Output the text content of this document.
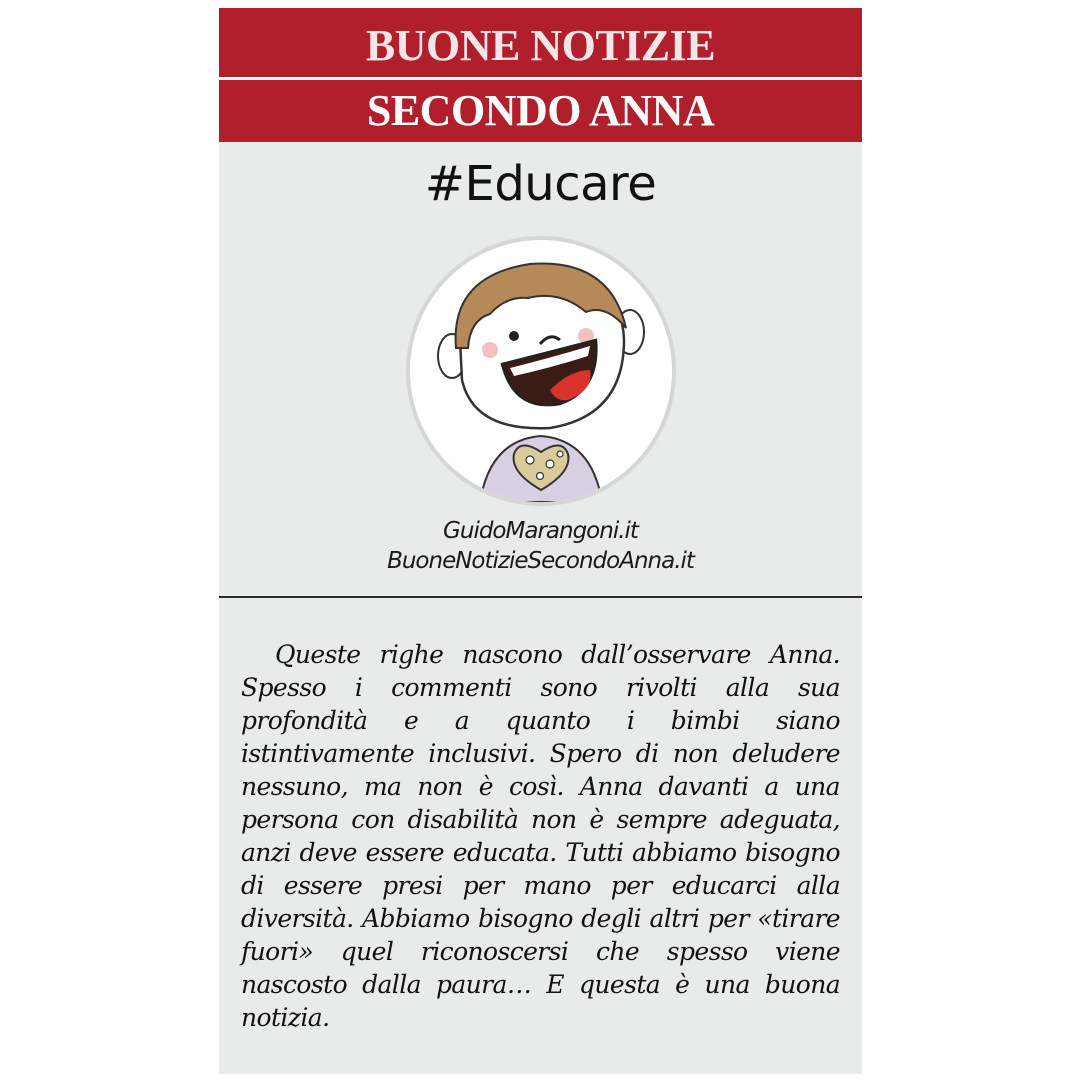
BUONE NOTIZIE
SECONDO ANNA
#Educare
GuidoMarangoni.it
BuoneNotizieSecondoAnna.it
Queste righe nascono dall’osservare Anna. Spesso i commenti sono rivolti alla sua profondità e a quanto i bimbi siano istintivamente inclusivi. Spero di non deludere nessuno, ma non è così. Anna davanti a una persona con disabilità non è sempre adeguata, anzi deve essere educata. Tutti abbiamo bisogno di essere presi per mano per educarci alla diversità. Abbiamo bisogno degli altri per «tirare fuori» quel riconoscersi che spesso viene nascosto dalla paura… E questa è una buona notizia.
